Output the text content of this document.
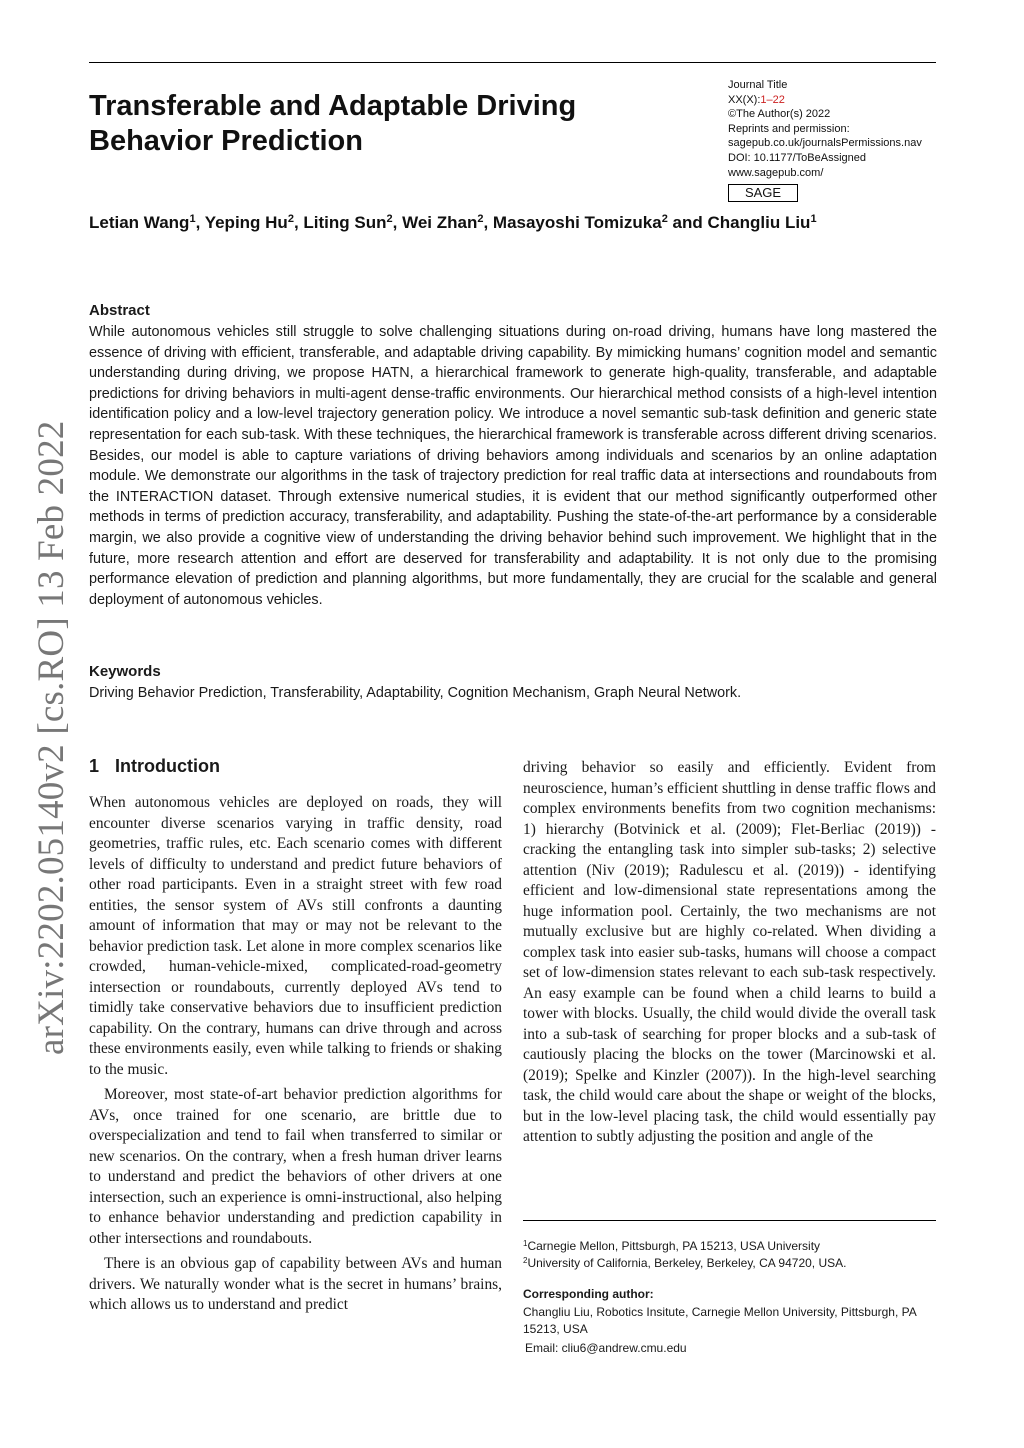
Transferable and Adaptable Driving Behavior Prediction
Journal Title
XX(X):1–22
©The Author(s) 2022
Reprints and permission:
sagepub.co.uk/journalsPermissions.nav
DOI: 10.1177/ToBeAssigned
www.sagepub.com/
SAGE
Letian Wang$^1$, Yeping Hu$^2$, Liting Sun$^2$, Wei Zhan$^2$, Masayoshi Tomizuka$^2$ and Changliu Liu$^1$
Abstract

While autonomous vehicles still struggle to solve challenging situations during on-road driving, humans have long mastered the essence of driving with efficient, transferable, and adaptable driving capability. By mimicking humans’ cognition model and semantic understanding during driving, we propose HATN, a hierarchical framework to generate high-quality, transferable, and adaptable predictions for driving behaviors in multi-agent dense-traffic environments. Our hierarchical method consists of a high-level intention identification policy and a low-level trajectory generation policy. We introduce a novel semantic sub-task definition and generic state representation for each sub-task. With these techniques, the hierarchical framework is transferable across different driving scenarios. Besides, our model is able to capture variations of driving behaviors among individuals and scenarios by an online adaptation module. We demonstrate our algorithms in the task of trajectory prediction for real traffic data at intersections and roundabouts from the INTERACTION dataset. Through extensive numerical studies, it is evident that our method significantly outperformed other methods in terms of prediction accuracy, transferability, and adaptability. Pushing the state-of-the-art performance by a considerable margin, we also provide a cognitive view of understanding the driving behavior behind such improvement. We highlight that in the future, more research attention and effort are deserved for transferability and adaptability. It is not only due to the promising performance elevation of prediction and planning algorithms, but more fundamentally, they are crucial for the scalable and general deployment of autonomous vehicles.

Keywords

Driving Behavior Prediction, Transferability, Adaptability, Cognition Mechanism, Graph Neural Network.

arXiv:2202.05140v2 [cs.RO] 13 Feb 2022 1 Introduction

When autonomous vehicles are deployed on roads, they will encounter diverse scenarios varying in traffic density, road geometries, traffic rules, etc. Each scenario comes with different levels of difficulty to understand and predict future behaviors of other road participants. Even in a straight street with few road entities, the sensor system of AVs still confronts a daunting amount of information that may or may not be relevant to the behavior prediction task. Let alone in more complex scenarios like crowded, human-vehicle-mixed, complicated-road-geometry intersection or roundabouts, currently deployed AVs tend to timidly take conservative behaviors due to insufficient prediction capability. On the contrary, humans can drive through and across these environments easily, even while talking to friends or shaking to the music.

Moreover, most state-of-art behavior prediction algorithms for AVs, once trained for one scenario, are brittle due to overspecialization and tend to fail when transferred to similar or new scenarios. On the contrary, when a fresh human driver learns to understand and predict the behaviors of other drivers at one intersection, such an experience is omni-instructional, also helping to enhance behavior understanding and prediction capability in other intersections and roundabouts.

There is an obvious gap of capability between AVs and human drivers. We naturally wonder what is the secret in humans’ brains, which allows us to understand and predict

driving behavior so easily and efficiently. Evident from neuroscience, human’s efficient shuttling in dense traffic flows and complex environments benefits from two cognition mechanisms: 1) hierarchy (Botvinick et al. (2009); Flet-Berliac (2019)) - cracking the entangling task into simpler sub-tasks; 2) selective attention (Niv (2019); Radulescu et al. (2019)) - identifying efficient and low-dimensional state representations among the huge information pool. Certainly, the two mechanisms are not mutually exclusive but are highly co-related. When dividing a complex task into easier sub-tasks, humans will choose a compact set of low-dimension states relevant to each sub-task respectively. An easy example can be found when a child learns to build a tower with blocks. Usually, the child would divide the overall task into a sub-task of searching for proper blocks and a sub-task of cautiously placing the blocks on the tower (Marcinowski et al. (2019); Spelke and Kinzler (2007)). In the high-level searching task, the child would care about the shape or weight of the blocks, but in the low-level placing task, the child would essentially pay attention to subtly adjusting the position and angle of the

$^1$Carnegie Mellon, Pittsburgh, PA 15213, USA University
$^2$University of California, Berkeley, Berkeley, CA 94720, USA.
Corresponding author:
Changliu Liu, Robotics Insitute, Carnegie Mellon University, Pittsburgh, PA 15213, USA
Email: cliu6@andrew.cmu.edu
